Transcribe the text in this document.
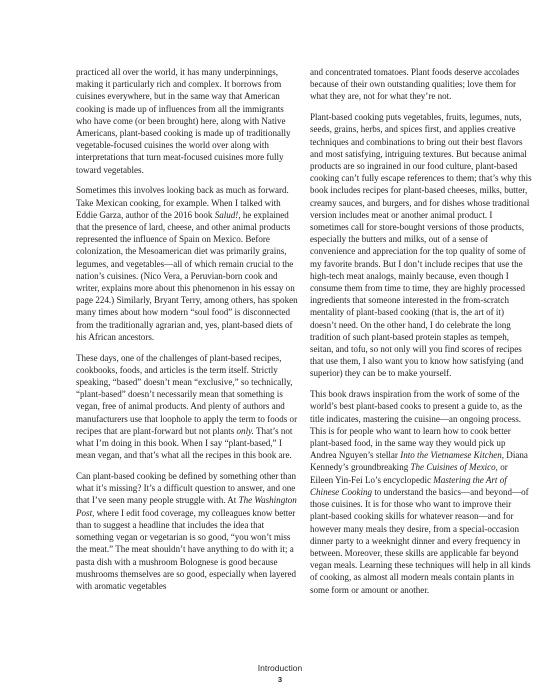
practiced all over the world, it has many underpinnings, making it particularly rich and complex. It borrows from cuisines everywhere, but in the same way that American cooking is made up of influences from all the immigrants who have come (or been brought) here, along with Native Americans, plant-based cooking is made up of traditionally vegetable-focused cuisines the world over along with interpretations that turn meat-focused cuisines more fully toward vegetables.

Sometimes this involves looking back as much as forward. Take Mexican cooking, for example. When I talked with Eddie Garza, author of the 2016 book Salud!, he explained that the presence of lard, cheese, and other animal products represented the influence of Spain on Mexico. Before colonization, the Mesoamerican diet was primarily grains, legumes, and vegetables—all of which remain crucial to the nation’s cuisines. (Nico Vera, a Peruvian-born cook and writer, explains more about this phenomenon in his essay on page 224.) Similarly, Bryant Terry, among others, has spoken many times about how modern “soul food” is disconnected from the traditionally agrarian and, yes, plant-based diets of his African ancestors.

These days, one of the challenges of plant-based recipes, cookbooks, foods, and articles is the term itself. Strictly speaking, “based” doesn’t mean “exclusive,” so technically, “plant-based” doesn’t necessarily mean that something is vegan, free of animal products. And plenty of authors and manufacturers use that loophole to apply the term to foods or recipes that are plant-forward but not plants only. That’s not what I’m doing in this book. When I say “plant-based,” I mean vegan, and that’s what all the recipes in this book are.

Can plant-based cooking be defined by something other than what it’s missing? It’s a difficult question to answer, and one that I’ve seen many people struggle with. At The Washington Post, where I edit food coverage, my colleagues know better than to suggest a headline that includes the idea that something vegan or vegetarian is so good, “you won’t miss the meat.” The meat shouldn’t have anything to do with it; a pasta dish with a mushroom Bolognese is good because mushrooms themselves are so good, especially when layered with aromatic vegetables

and concentrated tomatoes. Plant foods deserve accolades because of their own outstanding qualities; love them for what they are, not for what they’re not.

Plant-based cooking puts vegetables, fruits, legumes, nuts, seeds, grains, herbs, and spices first, and applies creative techniques and combinations to bring out their best flavors and most satisfying, intriguing textures. But because animal products are so ingrained in our food culture, plant-based cooking can’t fully escape references to them; that’s why this book includes recipes for plant-based cheeses, milks, butter, creamy sauces, and burgers, and for dishes whose traditional version includes meat or another animal product. I sometimes call for store-bought versions of those products, especially the butters and milks, out of a sense of convenience and appreciation for the top quality of some of my favorite brands. But I don’t include recipes that use the high-tech meat analogs, mainly because, even though I consume them from time to time, they are highly processed ingredients that someone interested in the from-scratch mentality of plant-based cooking (that is, the art of it) doesn’t need. On the other hand, I do celebrate the long tradition of such plant-based protein staples as tempeh, seitan, and tofu, so not only will you find scores of recipes that use them, I also want you to know how satisfying (and superior) they can be to make yourself.

This book draws inspiration from the work of some of the world’s best plant-based cooks to present a guide to, as the title indicates, mastering the cuisine—an ongoing process. This is for people who want to learn how to cook better plant-based food, in the same way they would pick up Andrea Nguyen’s stellar Into the Vietnamese Kitchen, Diana Kennedy’s groundbreaking The Cuisines of Mexico, or Eileen Yin-Fei Lo’s encyclopedic Mastering the Art of Chinese Cooking to understand the basics—and beyond—of those cuisines. It is for those who want to improve their plant-based cooking skills for whatever reason—and for however many meals they desire, from a special-occasion dinner party to a weeknight dinner and every frequency in between. Moreover, these skills are applicable far beyond vegan meals. Learning these techniques will help in all kinds of cooking, as almost all modern meals contain plants in some form or amount or another.

Introduction
3
